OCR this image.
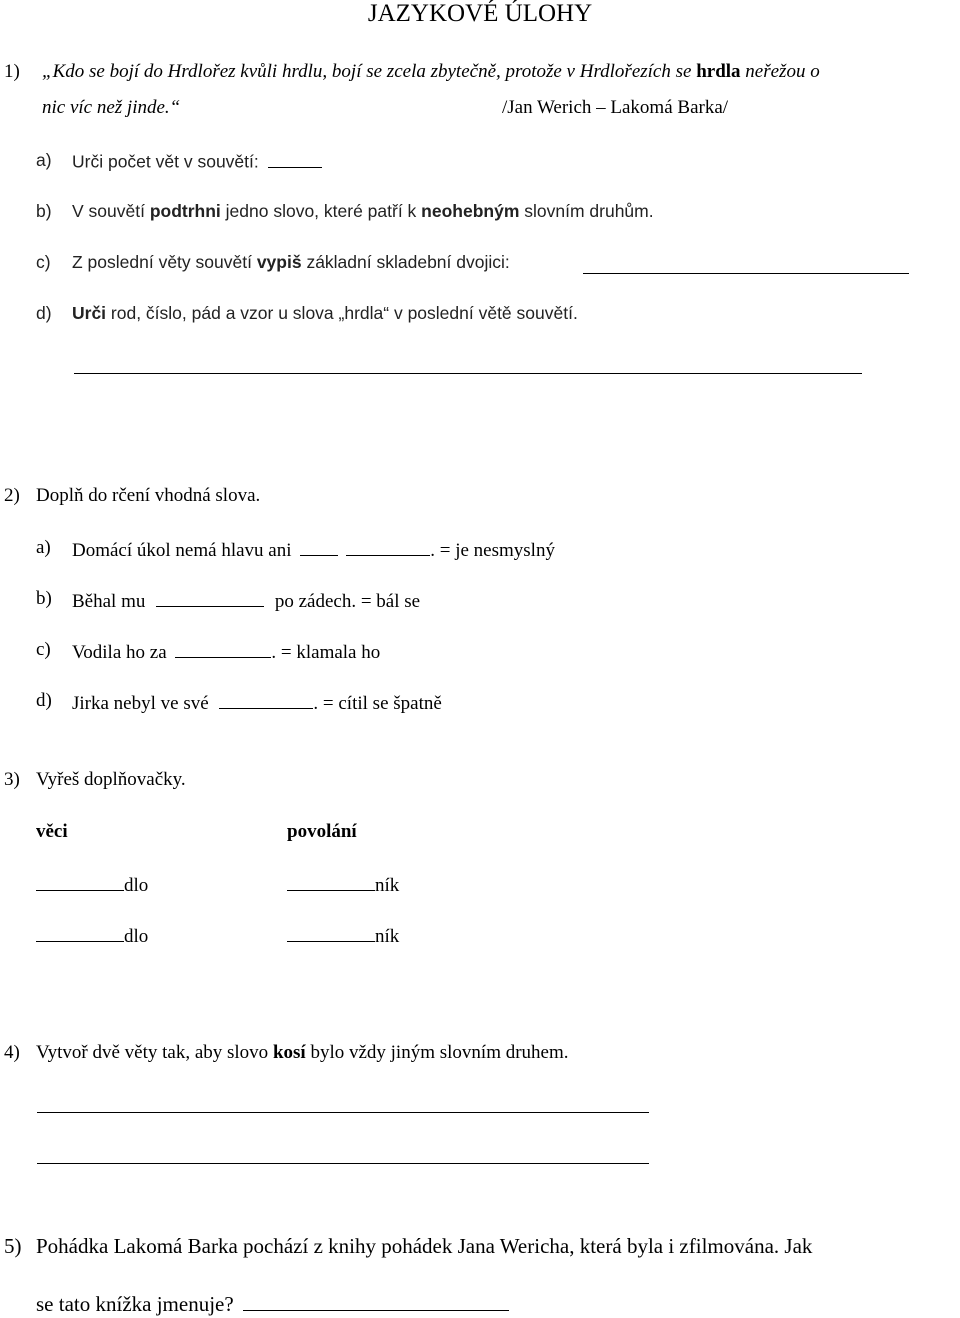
JAZYKOVÉ ÚLOHY
1) „Kdo se bojí do Hrdlořez kvůli hrdlu, bojí se zcela zbytečně, protože v Hrdlořezích se hrdla neřežou o
nic víc než jinde.“	/Jan Werich – Lakomá Barka/
a) Urči počet vět v souvětí:
b) V souvětí podtrhni jedno slovo, které patří k neohebným slovním druhům.
c) Z poslední věty souvětí vypiš základní skladební dvojici:
d) Urči rod, číslo, pád a vzor u slova „hrdla“ v poslední větě souvětí.
2) Doplň do rčení vhodná slova.
a) Domácí úkol nemá hlavu ani	. = je nesmyslný
b) Běhal mu	po zádech. = bál se
c) Vodila ho za	. = klamala ho
d) Jirka nebyl ve své	. = cítil se špatně
3) Vyřeš doplňovačky.
věci	povolání
dlo	ník
dlo	ník
4) Vytvoř dvě věty tak, aby slovo kosí bylo vždy jiným slovním druhem.
5) Pohádka Lakomá Barka pochází z knihy pohádek Jana Wericha, která byla i zfilmována. Jak
se tato knížka jmenuje?
